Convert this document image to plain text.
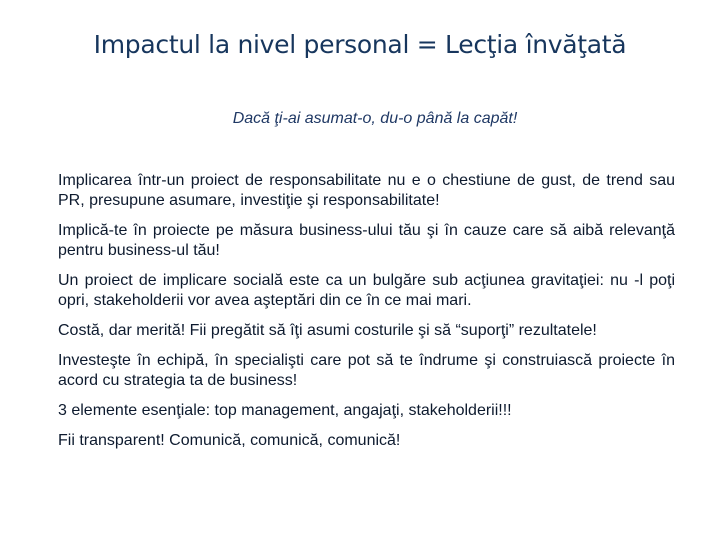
Impactul la nivel personal = Lecţia învăţată
Dacă ţi-ai asumat-o, du-o până la capăt!

Implicarea într-un proiect de responsabilitate nu e o chestiune de gust, de trend sau PR, presupune asumare, investiţie şi responsabilitate!

Implică-te în proiecte pe măsura business-ului tău şi în cauze care să aibă relevanţă pentru business-ul tău!

Un proiect de implicare socială este ca un bulgăre sub acţiunea gravitaţiei: nu -l poţi opri, stakeholderii vor avea aşteptări din ce în ce mai mari.

Costă, dar merită! Fii pregătit să îţi asumi costurile şi să “suporţi” rezultatele!

Investeşte în echipă, în specialişti care pot să te îndrume şi construiască proiecte în acord cu strategia ta de business!

3 elemente esenţiale: top management, angajaţi, stakeholderii!!!

Fii transparent! Comunică, comunică, comunică!
